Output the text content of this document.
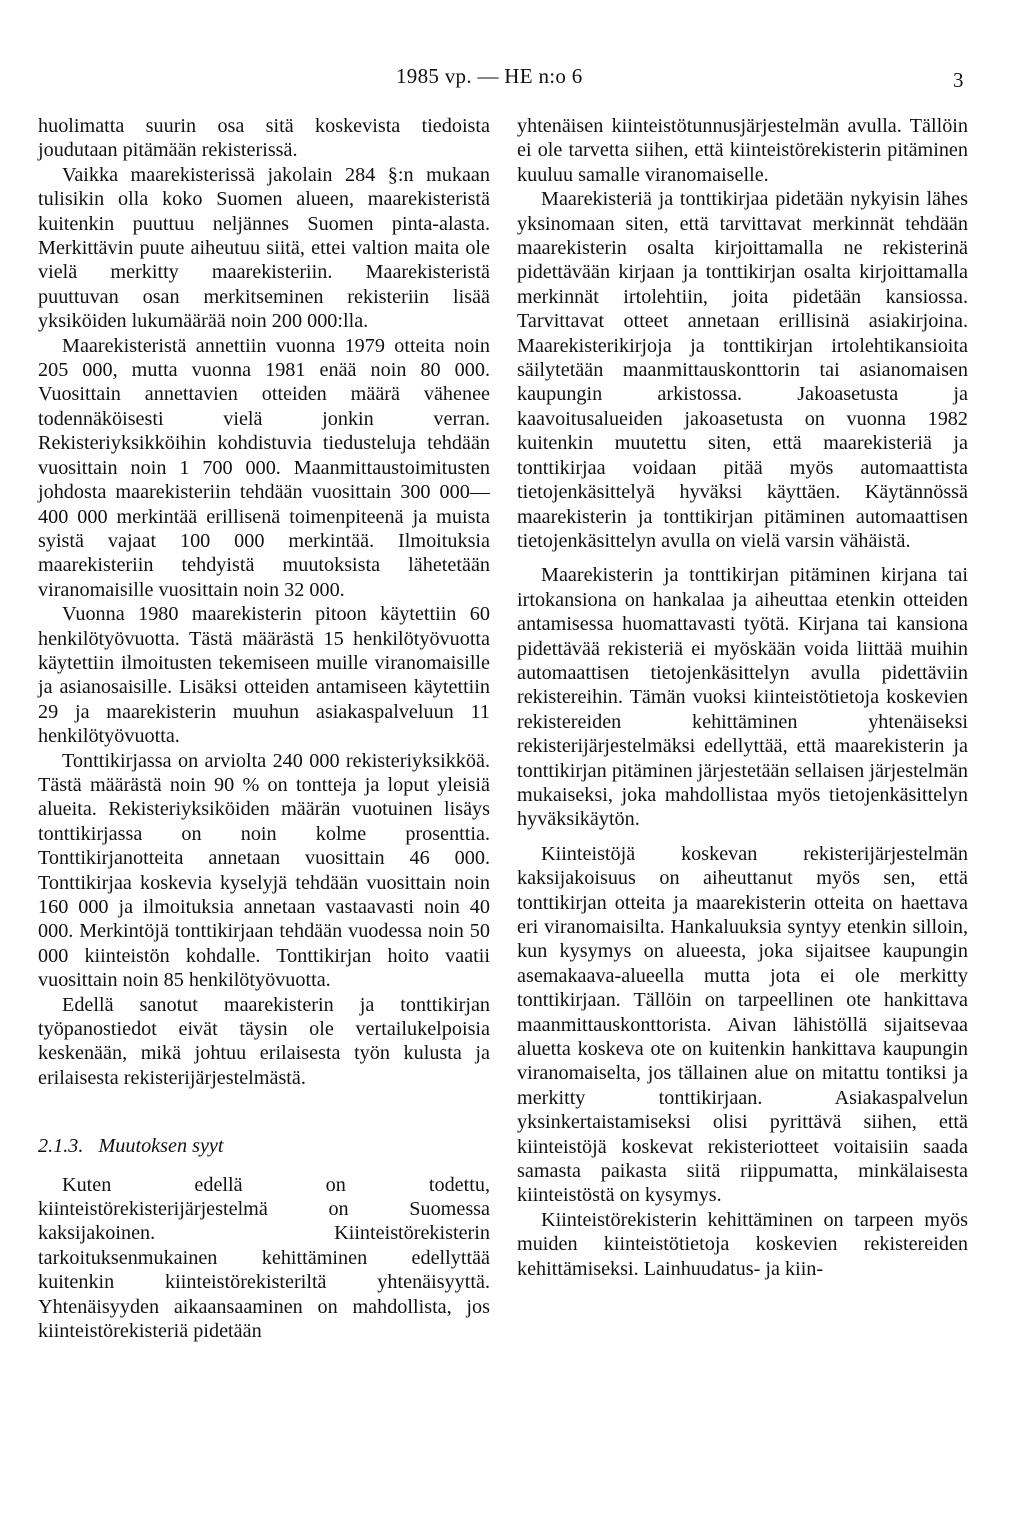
1985 vp. — HE n:o 6	3

huolimatta suurin osa sitä koskevista tiedoista joudutaan pitämään rekisterissä.

Vaikka maarekisterissä jakolain 284 §:n mukaan tulisikin olla koko Suomen alueen, maarekisteristä kuitenkin puuttuu neljännes Suomen pinta-alasta. Merkittävin puute aiheutuu siitä, ettei valtion maita ole vielä merkitty maarekisteriin. Maarekisteristä puuttuvan osan merkitseminen rekisteriin lisää yksiköiden lukumäärää noin 200 000:lla.

Maarekisteristä annettiin vuonna 1979 otteita noin 205 000, mutta vuonna 1981 enää noin 80 000. Vuosittain annettavien otteiden määrä vähenee todennäköisesti vielä jonkin verran. Rekisteriyksikköihin kohdistuvia tiedusteluja tehdään vuosittain noin 1 700 000. Maanmittaustoimitusten johdosta maarekisteriin tehdään vuosittain 300 000—400 000 merkintää erillisenä toimenpiteenä ja muista syistä vajaat 100 000 merkintää. Ilmoituksia maarekisteriin tehdyistä muutoksista lähetetään viranomaisille vuosittain noin 32 000.

Vuonna 1980 maarekisterin pitoon käytettiin 60 henkilötyövuotta. Tästä määrästä 15 henkilötyövuotta käytettiin ilmoitusten tekemiseen muille viranomaisille ja asianosaisille. Lisäksi otteiden antamiseen käytettiin 29 ja maarekisterin muuhun asiakaspalveluun 11 henkilötyövuotta.

Tonttikirjassa on arviolta 240 000 rekisteriyksikköä. Tästä määrästä noin 90 % on tontteja ja loput yleisiä alueita. Rekisteriyksiköiden määrän vuotuinen lisäys tonttikirjassa on noin kolme prosenttia. Tonttikirjanotteita annetaan vuosittain 46 000. Tonttikirjaa koskevia kyselyjä tehdään vuosittain noin 160 000 ja ilmoituksia annetaan vastaavasti noin 40 000. Merkintöjä tonttikirjaan tehdään vuodessa noin 50 000 kiinteistön kohdalle. Tonttikirjan hoito vaatii vuosittain noin 85 henkilötyövuotta.

Edellä sanotut maarekisterin ja tonttikirjan työpanostiedot eivät täysin ole vertailukelpoisia keskenään, mikä johtuu erilaisesta työn kulusta ja erilaisesta rekisterijärjestelmästä.

2.1.3. Muutoksen syyt

Kuten edellä on todettu, kiinteistörekisterijärjestelmä on Suomessa kaksijakoinen. Kiinteistörekisterin tarkoituksenmukainen kehittäminen edellyttää kuitenkin kiinteistörekisteriltä yhtenäisyyttä. Yhtenäisyyden aikaansaaminen on mahdollista, jos kiinteistörekisteriä pidetään

yhtenäisen kiinteistötunnusjärjestelmän avulla. Tällöin ei ole tarvetta siihen, että kiinteistörekisterin pitäminen kuuluu samalle viranomaiselle.

Maarekisteriä ja tonttikirjaa pidetään nykyisin lähes yksinomaan siten, että tarvittavat merkinnät tehdään maarekisterin osalta kirjoittamalla ne rekisterinä pidettävään kirjaan ja tonttikirjan osalta kirjoittamalla merkinnät irtolehtiin, joita pidetään kansiossa. Tarvittavat otteet annetaan erillisinä asiakirjoina. Maarekisterikirjoja ja tonttikirjan irtolehtikansioita säilytetään maanmittauskonttorin tai asianomaisen kaupungin arkistossa. Jakoasetusta ja kaavoitusalueiden jakoasetusta on vuonna 1982 kuitenkin muutettu siten, että maarekisteriä ja tonttikirjaa voidaan pitää myös automaattista tietojenkäsittelyä hyväksi käyttäen. Käytännössä maarekisterin ja tonttikirjan pitäminen automaattisen tietojenkäsittelyn avulla on vielä varsin vähäistä.

Maarekisterin ja tonttikirjan pitäminen kirjana tai irtokansiona on hankalaa ja aiheuttaa etenkin otteiden antamisessa huomattavasti työtä. Kirjana tai kansiona pidettävää rekisteriä ei myöskään voida liittää muihin automaattisen tietojenkäsittelyn avulla pidettäviin rekistereihin. Tämän vuoksi kiinteistötietoja koskevien rekistereiden kehittäminen yhtenäiseksi rekisterijärjestelmäksi edellyttää, että maarekisterin ja tonttikirjan pitäminen järjestetään sellaisen järjestelmän mukaiseksi, joka mahdollistaa myös tietojenkäsittelyn hyväksikäytön.

Kiinteistöjä koskevan rekisterijärjestelmän kaksijakoisuus on aiheuttanut myös sen, että tonttikirjan otteita ja maarekisterin otteita on haettava eri viranomaisilta. Hankaluuksia syntyy etenkin silloin, kun kysymys on alueesta, joka sijaitsee kaupungin asemakaava-alueella mutta jota ei ole merkitty tonttikirjaan. Tällöin on tarpeellinen ote hankittava maanmittauskonttorista. Aivan lähistöllä sijaitsevaa aluetta koskeva ote on kuitenkin hankittava kaupungin viranomaiselta, jos tällainen alue on mitattu tontiksi ja merkitty tonttikirjaan. Asiakaspalvelun yksinkertaistamiseksi olisi pyrittävä siihen, että kiinteistöjä koskevat rekisteriotteet voitaisiin saada samasta paikasta siitä riippumatta, minkälaisesta kiinteistöstä on kysymys.

Kiinteistörekisterin kehittäminen on tarpeen myös muiden kiinteistötietoja koskevien rekistereiden kehittämiseksi. Lainhuudatus- ja kiin-
